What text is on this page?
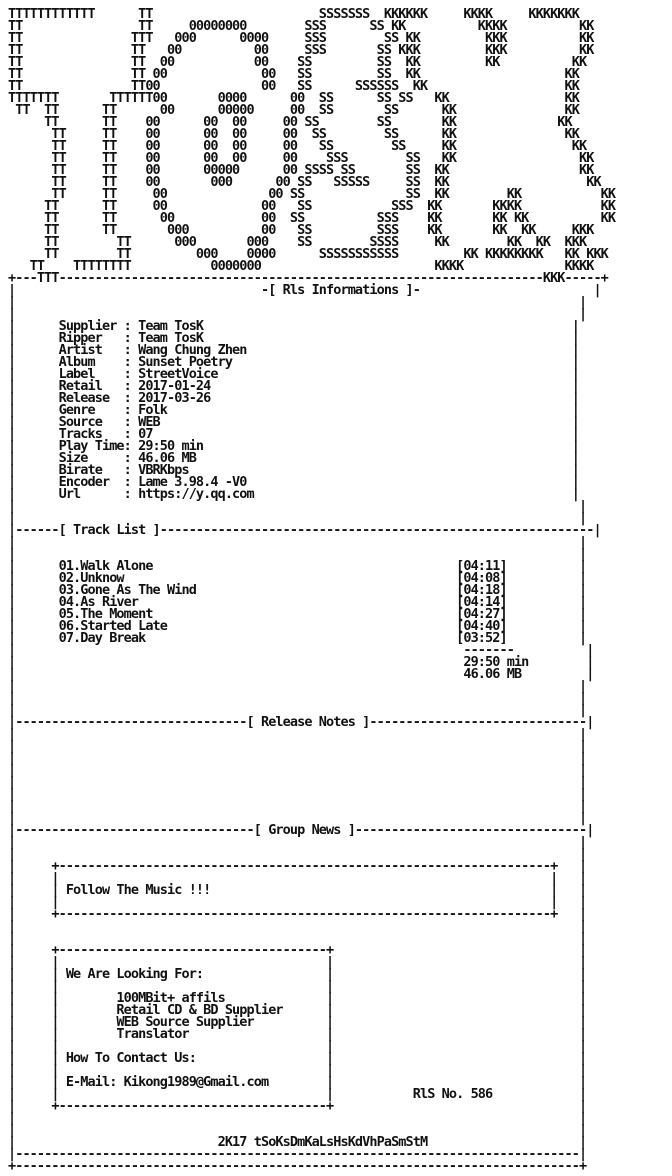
TTTTTTTTTTTT      TT                       SSSSSSS  KKKKKK     KKKK     KKKKKKK
TT                TT     00000000        SSS      SS KK          KKKK          KK
TT               TTT   000      0000     SSS        SS KK         KKK          KK
TT               TT   00          00     SSS       SS KKK         KKK          KK
TT               TT  00           00    SS         SS  KK         KK          KK
TT               TT 00             00   SS         SS  KK                    KK
TT               TT00              00   SS      SSSSSS  KK                   KK
TTTTTTT       TTTTTT00       0000      00  SS      SS SS   KK                KK
TT  TT      TT      00      00000     00  SS       SS      KK               KK
TT      TT    00      00  00     00 SS        SS       KK              KK
TT     TT    00      00  00     00  SS        SS      KK               KK
TT     TT    00      00  00     00   SS        SS     KK                KK
TT     TT    00      00  00     00    SSS        SS   KK                 KK
TT     TT    00      00000      00 SSSS SS       SS  KK                  KK
TT     TT    00       000      00 SS   SSSSS     SS  KK                   KK
TT     TT     00              00 SS              SS  KK        KK           KK
TT      TT     00             00   SS           SSS  KK       KKKK           KK
TT      TT      00            00  SS          SSS    KK       KK KK          KK
TT      TT       000          00   SS         SSS    KK       KK  KK     KKK
TT        TT      000       000    SS        SSSS     KK        KK  KK  KKK
TT        TT         000    0000      SSSSSSSSSSS         KK KKKKKKKK   KK KKK
TT    TTTTTTTT           0000000                        KKKK              KKKK
+---TTT-------------------------------------------------------------------KKK-----+
|                                  -[ Rls Informations ]-                        |
|                                                                              |
|                                                                              |
|      Supplier : Team TosK                                                   |
|      Ripper   : Team TosK                                                   |
|      Artist   : Wang Chung Zhen                                             |
|      Album    : Sunset Poetry                                               |
|      Label    : StreetVoice                                                 |
|      Retail   : 2017-01-24                                                  |
|      Release  : 2017-03-26                                                  |
|      Genre    : Folk                                                        |
|      Source   : WEB                                                         |
|      Tracks   : 07                                                          |
|      Play Time: 29:50 min                                                   |
|      Size     : 46.06 MB                                                    |
|      Birate   : VBRKbps                                                     |
|      Encoder  : Lame 3.98.4 -V0                                             |
|      Url      : https://y.qq.com                                            |
|                                                                              |
|                                                                              |
|------[ Track List ]------------------------------------------------------------|
|                                                                              |
|                                                                              |
|      01.Walk Alone                                          [04:11]          |
|      02.Unknow                                              [04:08]          |
|      03.Gone As The Wind                                    [04:18]          |
|      04.As River                                            [04:14]          |
|      05.The Moment                                          [04:27]          |
|      06.Started Late                                        [04:40]          |
|      07.Day Break                                           [03:52]          |
|                                                              -------          |
|                                                              29:50 min        |
|                                                              46.06 MB         |
|                                                                              |
|                                                                              |
|                                                                              |
|--------------------------------[ Release Notes ]------------------------------|
|                                                                              |
|                                                                              |
|                                                                              |
|                                                                              |
|                                                                              |
|                                                                              |
|                                                                              |
|                                                                              |
|---------------------------------[ Group News ]--------------------------------|
|                                                                              |
|                                                                              |
|     +--------------------------------------------------------------------+   |
|     |                                                                    |   |
|     | Follow The Music !!!                                               |   |
|     |                                                                    |   |
|     +--------------------------------------------------------------------+   |
|                                                                              |
|                                                                              |
|     +-------------------------------------+                                  |
|     |                                     |                                  |
|     | We Are Looking For:                 |                                  |
|     |                                     |                                  |
|     |        100MBit+ affils              |                                  |
|     |        Retail CD & BD Supplier      |                                  |
|     |        WEB Source Supplier          |                                  |
|     |        Translator                   |                                  |
|     |                                     |                                  |
|     | How To Contact Us:                  |                                  |
|     |                                     |                                  |
|     | E-Mail: Kikong1989@Gmail.com        |                                  |
|     |                                     |           RlS No. 586            |
|     +-------------------------------------+                                  |
|                                                                              |
|                                                                              |
|                            2K17 tSoKsDmKaLsHsKdVhPaSmStM                     |
|------------------------------------------------------------------------------|
+------------------------------------------------------------------------------+
